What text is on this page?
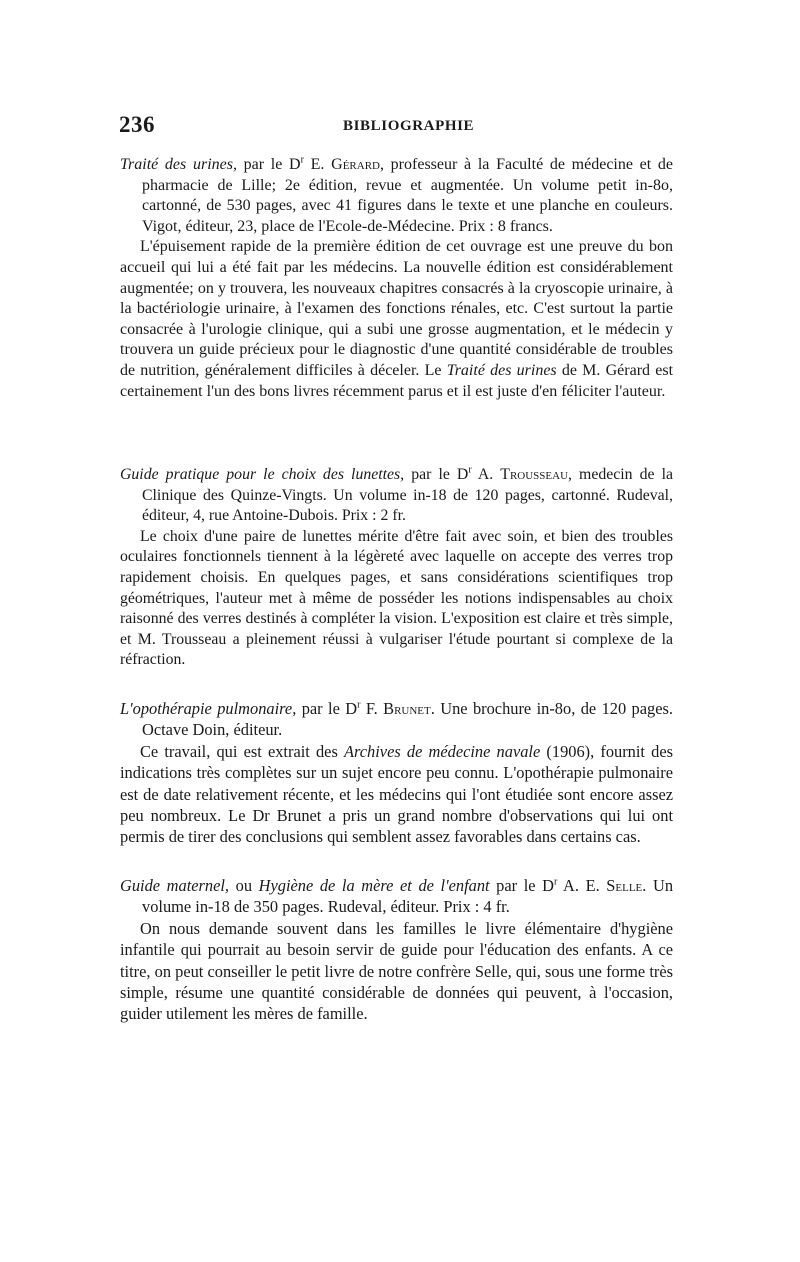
236	BIBLIOGRAPHIE

Traité des urines, par le $D^r$ E. Gérard, professeur à la Faculté de médecine et de pharmacie de Lille; 2e édition, revue et augmentée. Un volume petit in-8o, cartonné, de 530 pages, avec 41 figures dans le texte et une planche en couleurs. Vigot, éditeur, 23, place de l'Ecole-de-Médecine. Prix : 8 francs.

L'épuisement rapide de la première édition de cet ouvrage est une preuve du bon accueil qui lui a été fait par les médecins. La nouvelle édition est considérablement augmentée; on y trouvera, les nouveaux chapitres consacrés à la cryoscopie urinaire, à la bactériologie urinaire, à l'examen des fonctions rénales, etc. C'est surtout la partie consacrée à l'urologie clinique, qui a subi une grosse augmentation, et le médecin y trouvera un guide précieux pour le diagnostic d'une quantité considérable de troubles de nutrition, généralement difficiles à déceler. Le Traité des urines de M. Gérard est certainement l'un des bons livres récemment parus et il est juste d'en féliciter l'auteur.

Guide pratique pour le choix des lunettes, par le $D^r$ A. Trousseau, medecin de la Clinique des Quinze-Vingts. Un volume in-18 de 120 pages, cartonné. Rudeval, éditeur, 4, rue Antoine-Dubois. Prix : 2 fr.

Le choix d'une paire de lunettes mérite d'être fait avec soin, et bien des troubles oculaires fonctionnels tiennent à la légèreté avec laquelle on accepte des verres trop rapidement choisis. En quelques pages, et sans considérations scientifiques trop géométriques, l'auteur met à même de posséder les notions indispensables au choix raisonné des verres destinés à compléter la vision. L'exposition est claire et très simple, et M. Trousseau a pleinement réussi à vulgariser l'étude pourtant si complexe de la réfraction.

L'opothérapie pulmonaire, par le $D^r$ F. Brunet. Une brochure in-8o, de 120 pages. Octave Doin, éditeur.

Ce travail, qui est extrait des Archives de médecine navale (1906), fournit des indications très complètes sur un sujet encore peu connu. L'opothérapie pulmonaire est de date relativement récente, et les médecins qui l'ont étudiée sont encore assez peu nombreux. Le Dr Brunet a pris un grand nombre d'observations qui lui ont permis de tirer des conclusions qui semblent assez favorables dans certains cas.

Guide maternel, ou Hygiène de la mère et de l'enfant par le $D^r$ A. E. Selle. Un volume in-18 de 350 pages. Rudeval, éditeur. Prix : 4 fr.

On nous demande souvent dans les familles le livre élémentaire d'hygiène infantile qui pourrait au besoin servir de guide pour l'éducation des enfants. A ce titre, on peut conseiller le petit livre de notre confrère Selle, qui, sous une forme très simple, résume une quantité considérable de données qui peuvent, à l'occasion, guider utilement les mères de famille.
